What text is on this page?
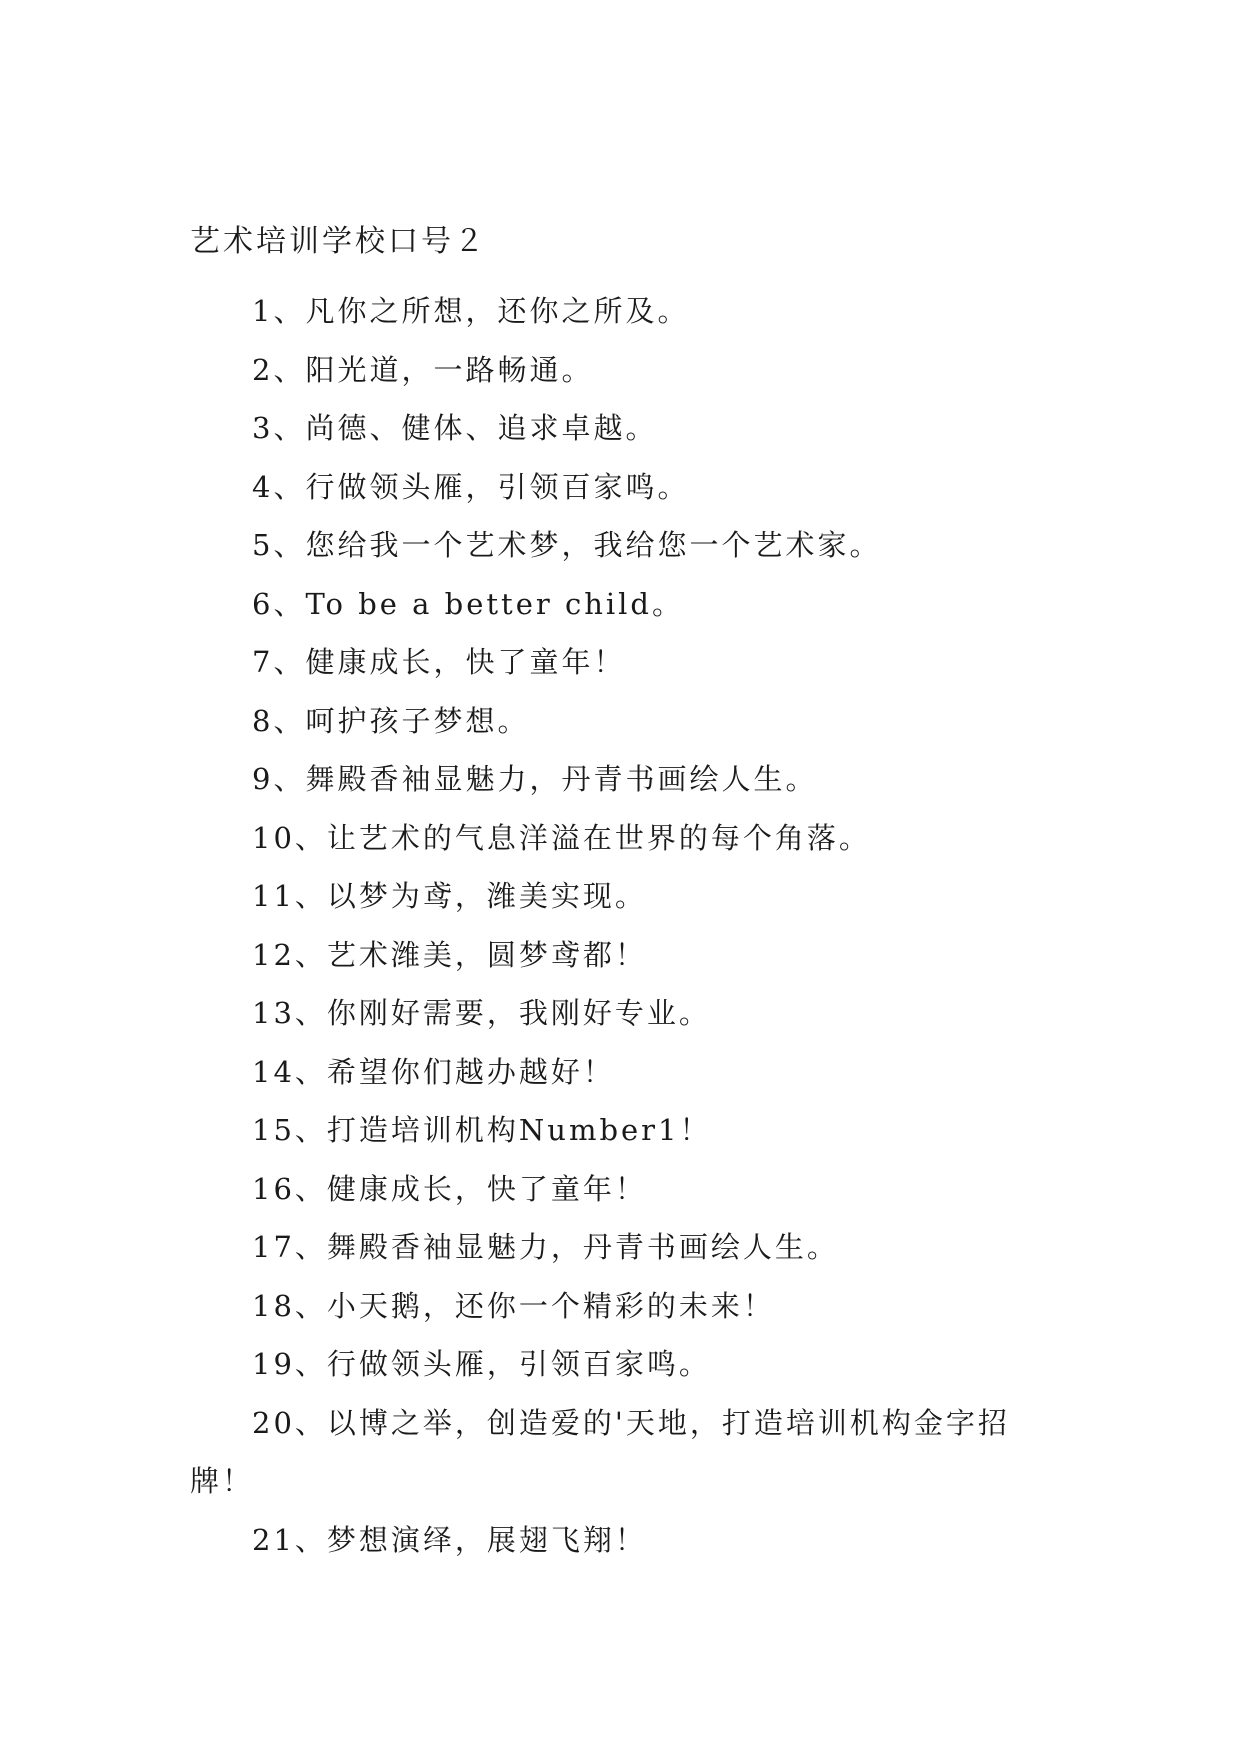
艺术培训学校口号２
1、凡你之所想，还你之所及。
2、阳光道，一路畅通。
3、尚德、健体、追求卓越。
4、行做领头雁，引领百家鸣。
5、您给我一个艺术梦，我给您一个艺术家。
6、To be a better child。
7、健康成长，快了童年！
8、呵护孩子梦想。
9、舞殿香袖显魅力，丹青书画绘人生。
10、让艺术的气息洋溢在世界的每个角落。
11、以梦为鸢，潍美实现。
12、艺术潍美，圆梦鸢都！
13、你刚好需要，我刚好专业。
14、希望你们越办越好！
15、打造培训机构Number1！
16、健康成长，快了童年！
17、舞殿香袖显魅力，丹青书画绘人生。
18、小天鹅，还你一个精彩的未来！
19、行做领头雁，引领百家鸣。
20、以博之举，创造爱的'天地，打造培训机构金字招牌！
21、梦想演绎，展翅飞翔！
